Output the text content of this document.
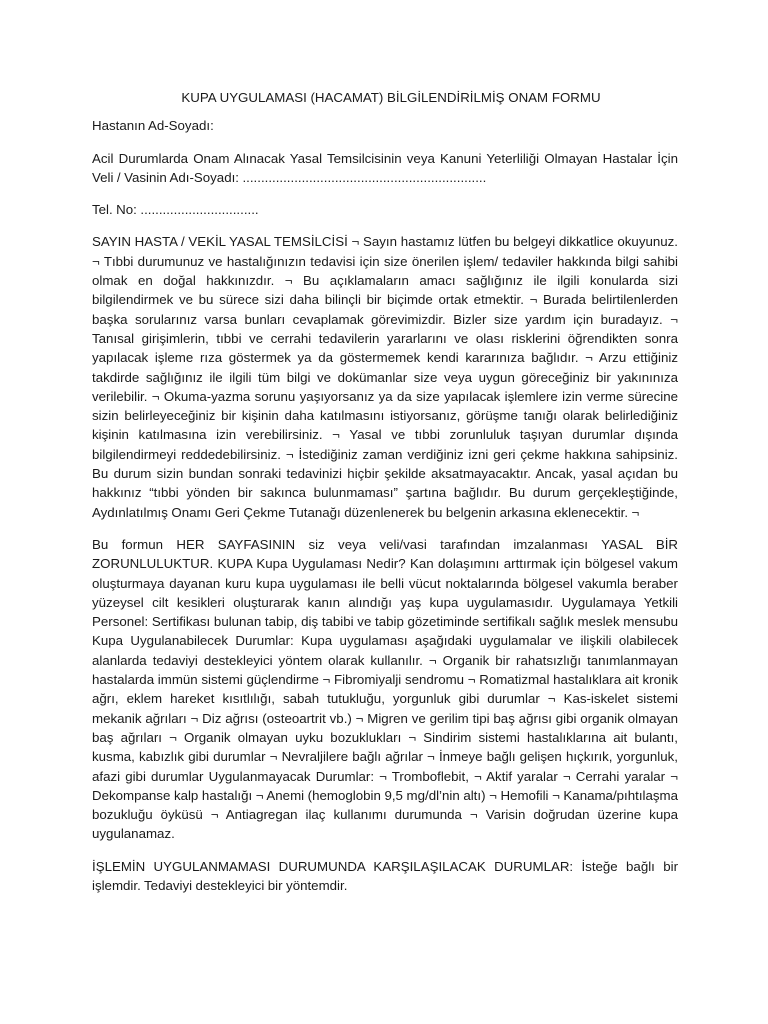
KUPA UYGULAMASI (HACAMAT) BİLGİLENDİRİLMİŞ ONAM FORMU

Hastanın Ad-Soyadı:

Acil Durumlarda Onam Alınacak Yasal Temsilcisinin veya Kanuni Yeterliliği Olmayan Hastalar İçin Veli / Vasinin Adı-Soyadı: ..................................................................

Tel. No: ................................

SAYIN HASTA / VEKİL YASAL TEMSİLCİSİ ¬ Sayın hastamız lütfen bu belgeyi dikkatlice okuyunuz. ¬ Tıbbi durumunuz ve hastalığınızın tedavisi için size önerilen işlem/ tedaviler hakkında bilgi sahibi olmak en doğal hakkınızdır. ¬ Bu açıklamaların amacı sağlığınız ile ilgili konularda sizi bilgilendirmek ve bu sürece sizi daha bilinçli bir biçimde ortak etmektir. ¬ Burada belirtilenlerden başka sorularınız varsa bunları cevaplamak görevimizdir. Bizler size yardım için buradayız. ¬ Tanısal girişimlerin, tıbbi ve cerrahi tedavilerin yararlarını ve olası risklerini öğrendikten sonra yapılacak işleme rıza göstermek ya da göstermemek kendi kararınıza bağlıdır. ¬ Arzu ettiğiniz takdirde sağlığınız ile ilgili tüm bilgi ve dokümanlar size veya uygun göreceğiniz bir yakınınıza verilebilir. ¬ Okuma-yazma sorunu yaşıyorsanız ya da size yapılacak işlemlere izin verme sürecine sizin belirleyeceğiniz bir kişinin daha katılmasını istiyorsanız, görüşme tanığı olarak belirlediğiniz kişinin katılmasına izin verebilirsiniz. ¬ Yasal ve tıbbi zorunluluk taşıyan durumlar dışında bilgilendirmeyi reddedebilirsiniz. ¬ İstediğiniz zaman verdiğiniz izni geri çekme hakkına sahipsiniz. Bu durum sizin bundan sonraki tedavinizi hiçbir şekilde aksatmayacaktır. Ancak, yasal açıdan bu hakkınız “tıbbi yönden bir sakınca bulunmaması” şartına bağlıdır. Bu durum gerçekleştiğinde, Aydınlatılmış Onamı Geri Çekme Tutanağı düzenlenerek bu belgenin arkasına eklenecektir. ¬

Bu formun HER SAYFASININ siz veya veli/vasi tarafından imzalanması YASAL BİR ZORUNLULUKTUR. KUPA Kupa Uygulaması Nedir? Kan dolaşımını arttırmak için bölgesel vakum oluşturmaya dayanan kuru kupa uygulaması ile belli vücut noktalarında bölgesel vakumla beraber yüzeysel cilt kesikleri oluşturarak kanın alındığı yaş kupa uygulamasıdır. Uygulamaya Yetkili Personel: Sertifikası bulunan tabip, diş tabibi ve tabip gözetiminde sertifikalı sağlık meslek mensubu Kupa Uygulanabilecek Durumlar: Kupa uygulaması aşağıdaki uygulamalar ve ilişkili olabilecek alanlarda tedaviyi destekleyici yöntem olarak kullanılır. ¬ Organik bir rahatsızlığı tanımlanmayan hastalarda immün sistemi güçlendirme ¬ Fibromiyalji sendromu ¬ Romatizmal hastalıklara ait kronik ağrı, eklem hareket kısıtlılığı, sabah tutukluğu, yorgunluk gibi durumlar ¬ Kas-iskelet sistemi mekanik ağrıları ¬ Diz ağrısı (osteoartrit vb.) ¬ Migren ve gerilim tipi baş ağrısı gibi organik olmayan baş ağrıları ¬ Organik olmayan uyku bozuklukları ¬ Sindirim sistemi hastalıklarına ait bulantı, kusma, kabızlık gibi durumlar ¬ Nevraljilere bağlı ağrılar ¬ İnmeye bağlı gelişen hıçkırık, yorgunluk, afazi gibi durumlar Uygulanmayacak Durumlar: ¬ Tromboflebit, ¬ Aktif yaralar ¬ Cerrahi yaralar ¬ Dekompanse kalp hastalığı ¬ Anemi (hemoglobin 9,5 mg/dl’nin altı) ¬ Hemofili ¬ Kanama/pıhtılaşma bozukluğu öyküsü ¬ Antiagregan ilaç kullanımı durumunda ¬ Varisin doğrudan üzerine kupa uygulanamaz.

İŞLEMİN UYGULANMAMASI DURUMUNDA KARŞILAŞILACAK DURUMLAR: İsteğe bağlı bir işlemdir. Tedaviyi destekleyici bir yöntemdir.
